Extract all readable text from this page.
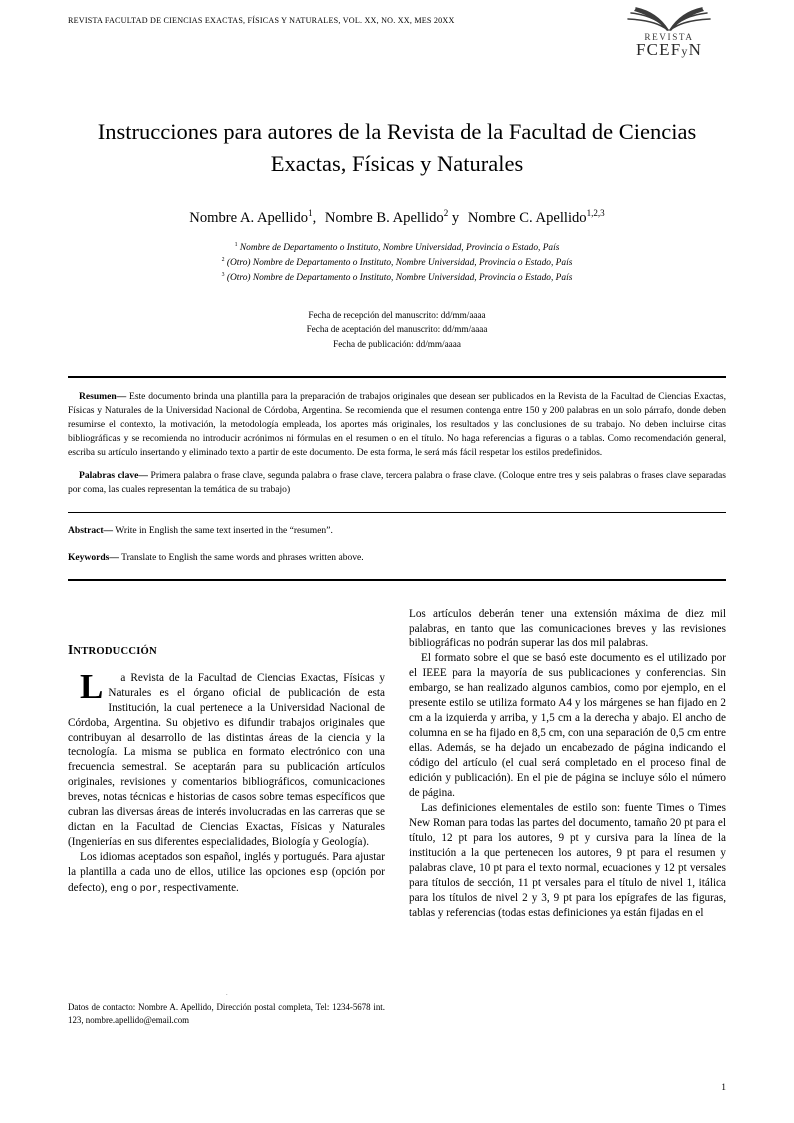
REVISTA FACULTAD DE CIENCIAS EXACTAS, FÍSICAS Y NATURALES, VOL. XX, NO. XX, MES 20XX
REVISTA
FCEFyN
Instrucciones para autores de la Revista de la Facultad de Ciencias Exactas, Físicas y Naturales
Nombre A. Apellido$^1$, Nombre B. Apellido$^2$ y Nombre C. Apellido$^{1,2,3}$
$^1$ Nombre de Departamento o Instituto, Nombre Universidad, Provincia o Estado, País
$^2$ (Otro) Nombre de Departamento o Instituto, Nombre Universidad, Provincia o Estado, País
$^3$ (Otro) Nombre de Departamento o Instituto, Nombre Universidad, Provincia o Estado, País
Fecha de recepción del manuscrito: dd/mm/aaaa
Fecha de aceptación del manuscrito: dd/mm/aaaa
Fecha de publicación: dd/mm/aaaa

Resumen— Este documento brinda una plantilla para la preparación de trabajos originales que desean ser publicados en la Revista de la Facultad de Ciencias Exactas, Físicas y Naturales de la Universidad Nacional de Córdoba, Argentina. Se recomienda que el resumen contenga entre 150 y 200 palabras en un solo párrafo, donde deben resumirse el contexto, la motivación, la metodología empleada, los aportes más originales, los resultados y las conclusiones de su trabajo. No deben incluirse citas bibliográficas y se recomienda no introducir acrónimos ni fórmulas en el resumen o en el título. No haga referencias a figuras o a tablas. Como recomendación general, escriba su artículo insertando y eliminado texto a partir de este documento. De esta forma, le será más fácil respetar los estilos predefinidos.

Palabras clave— Primera palabra o frase clave, segunda palabra o frase clave, tercera palabra o frase clave. (Coloque entre tres y seis palabras o frases clave separadas por coma, las cuales representan la temática de su trabajo)

Abstract— Write in English the same text inserted in the “resumen”.

Keywords— Translate to English the same words and phrases written above.

INTRODUCCIÓN

L	a Revista de la Facultad de Ciencias Exactas, Físicas y Naturales es el órgano oficial de publicación de esta Institución, la cual pertenece a la Universidad Nacional de Córdoba, Argentina. Su objetivo es difundir trabajos originales que contribuyan al desarrollo de las distintas áreas de la ciencia y la tecnología. La misma se publica en formato electrónico con una frecuencia semestral. Se aceptarán para su publicación artículos originales, revisiones y comentarios bibliográficos, comunicaciones breves, notas técnicas e historias de casos sobre temas específicos que cubran las diversas áreas de interés involucradas en las carreras que se dictan en la Facultad de Ciencias Exactas, Físicas y Naturales (Ingenierías en sus diferentes especialidades, Biología y Geología).

Los idiomas aceptados son español, inglés y portugués. Para ajustar la plantilla a cada uno de ellos, utilice las opciones esp (opción por defecto), eng o por, respectivamente.

Datos de contacto: Nombre A. Apellido, Dirección postal completa, Tel: 1234-5678 int. 123, nombre.apellido@email.com

Los artículos deberán tener una extensión máxima de diez mil palabras, en tanto que las comunicaciones breves y las revisiones bibliográficas no podrán superar las dos mil palabras.

El formato sobre el que se basó este documento es el utilizado por el IEEE para la mayoría de sus publicaciones y conferencias. Sin embargo, se han realizado algunos cambios, como por ejemplo, en el presente estilo se utiliza formato A4 y los márgenes se han fijado en 2 cm a la izquierda y arriba, y 1,5 cm a la derecha y abajo. El ancho de columna en se ha fijado en 8,5 cm, con una separación de 0,5 cm entre ellas. Además, se ha dejado un encabezado de página indicando el código del artículo (el cual será completado en el proceso final de edición y publicación). En el pie de página se incluye sólo el número de página.

Las definiciones elementales de estilo son: fuente Times o Times New Roman para todas las partes del documento, tamaño 20 pt para el título, 12 pt para los autores, 9 pt y cursiva para la línea de la institución a la que pertenecen los autores, 9 pt para el resumen y palabras clave, 10 pt para el texto normal, ecuaciones y 12 pt versales para títulos de sección, 11 pt versales para el título de nivel 1, itálica para los títulos de nivel 2 y 3, 9 pt para los epígrafes de las figuras, tablas y referencias (todas estas definiciones ya están fijadas en el

1
